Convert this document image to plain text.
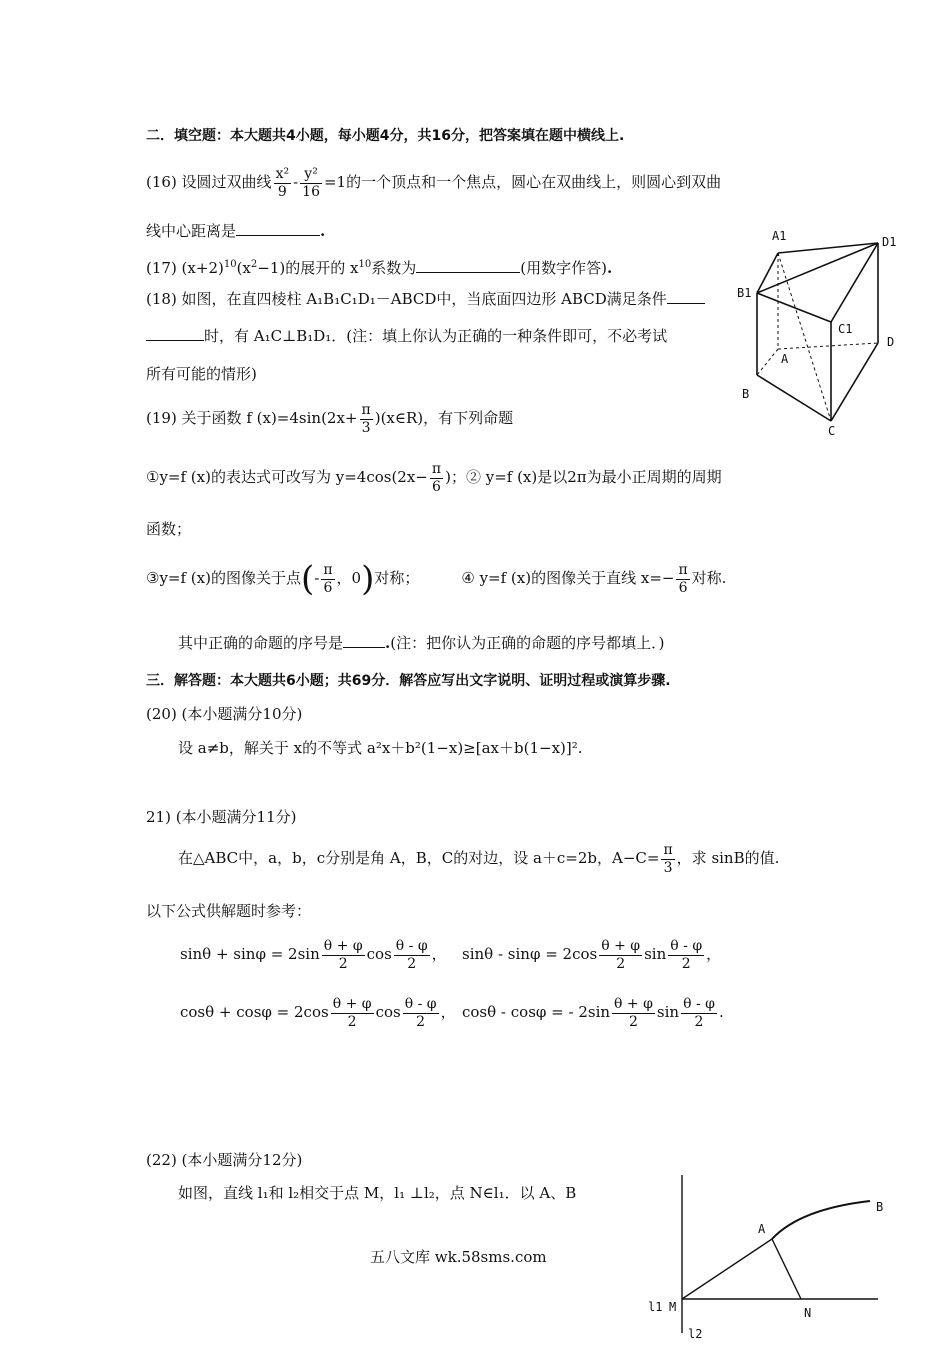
二．填空题：本大题共4小题，每小题4分，共16分，把答案填在题中横线上.
(16) 设圆过双曲线 $\frac{\text{x²}}{9} - \frac{\text{y²}}{16} =1$的一个顶点和一个焦点，圆心在双曲线上，则圆心到双曲
线中心距离是	.
(17) $(x+2)^{10}(x^2-1)$的展开的 $x^{10}$系数为	(用数字作答).
(18) 如图，在直四棱柱 A₁B₁C₁D₁－ABCD中，当底面四边形 ABCD满足条件
时，有 A₁C⊥B₁D₁．(注：填上你认为正确的一种条件即可，不必考试
所有可能的情形)
A1	D1
B1
C1
D
A
B
C
(19) 关于函数 f $(x)=4\sin(2x+ \frac{\pi}{3}$ )(x∈R)，有下列命题
①y=f (x)的表达式可改写为 $y=4\cos(2x- \frac{\pi}{6}$ )；② y=f (x)是以2π为最小正周期的周期
函数；
③y=f (x)的图像关于点(- $\frac{\pi}{6}$ ，0)对称；	④ y=f (x)的图像关于直线 $x=- \frac{\pi}{6}$ 对称.
其中正确的命题的序号是	.(注：把你认为正确的命题的序号都填上．)
三．解答题：本大题共6小题；共69分．解答应写出文字说明、证明过程或演算步骤.
(20) (本小题满分10分)
设 a≠b，解关于 x的不等式 a²x＋b²(1−x)≥[ax＋b(1−x)]².
21) (本小题满分11分)
在△ABC中，a，b，c分别是角 A，B，C的对边，设 a＋c=2b，$A-C= \frac{\pi}{3}$ ，求 sinB的值.
以下公式供解题时参考：
$\sin\theta + \sin\varphi = 2\sin \frac{\theta + \varphi}{2}$ $\cos \frac{\theta - \varphi}{2}$ ， $\sin\theta - \sin\varphi = 2\cos \frac{\theta + \varphi}{2}$ $\sin \frac{\theta - \varphi}{2}$ ，
$\cos\theta + \cos\varphi = 2\cos \frac{\theta + \varphi}{2}$ $\cos \frac{\theta - \varphi}{2}$ ， cosθ - cosφ = - $2\sin \frac{\theta + \varphi}{2}$ $\sin \frac{\theta - \varphi}{2}$ .
(22) (本小题满分12分)
如图，直线 l₁和 l₂相交于点 M，l₁ ⊥l₂，点 N∈l₁．以 A、B
五八文库 wk.58sms.com
B
A
l1 M	N
l2
